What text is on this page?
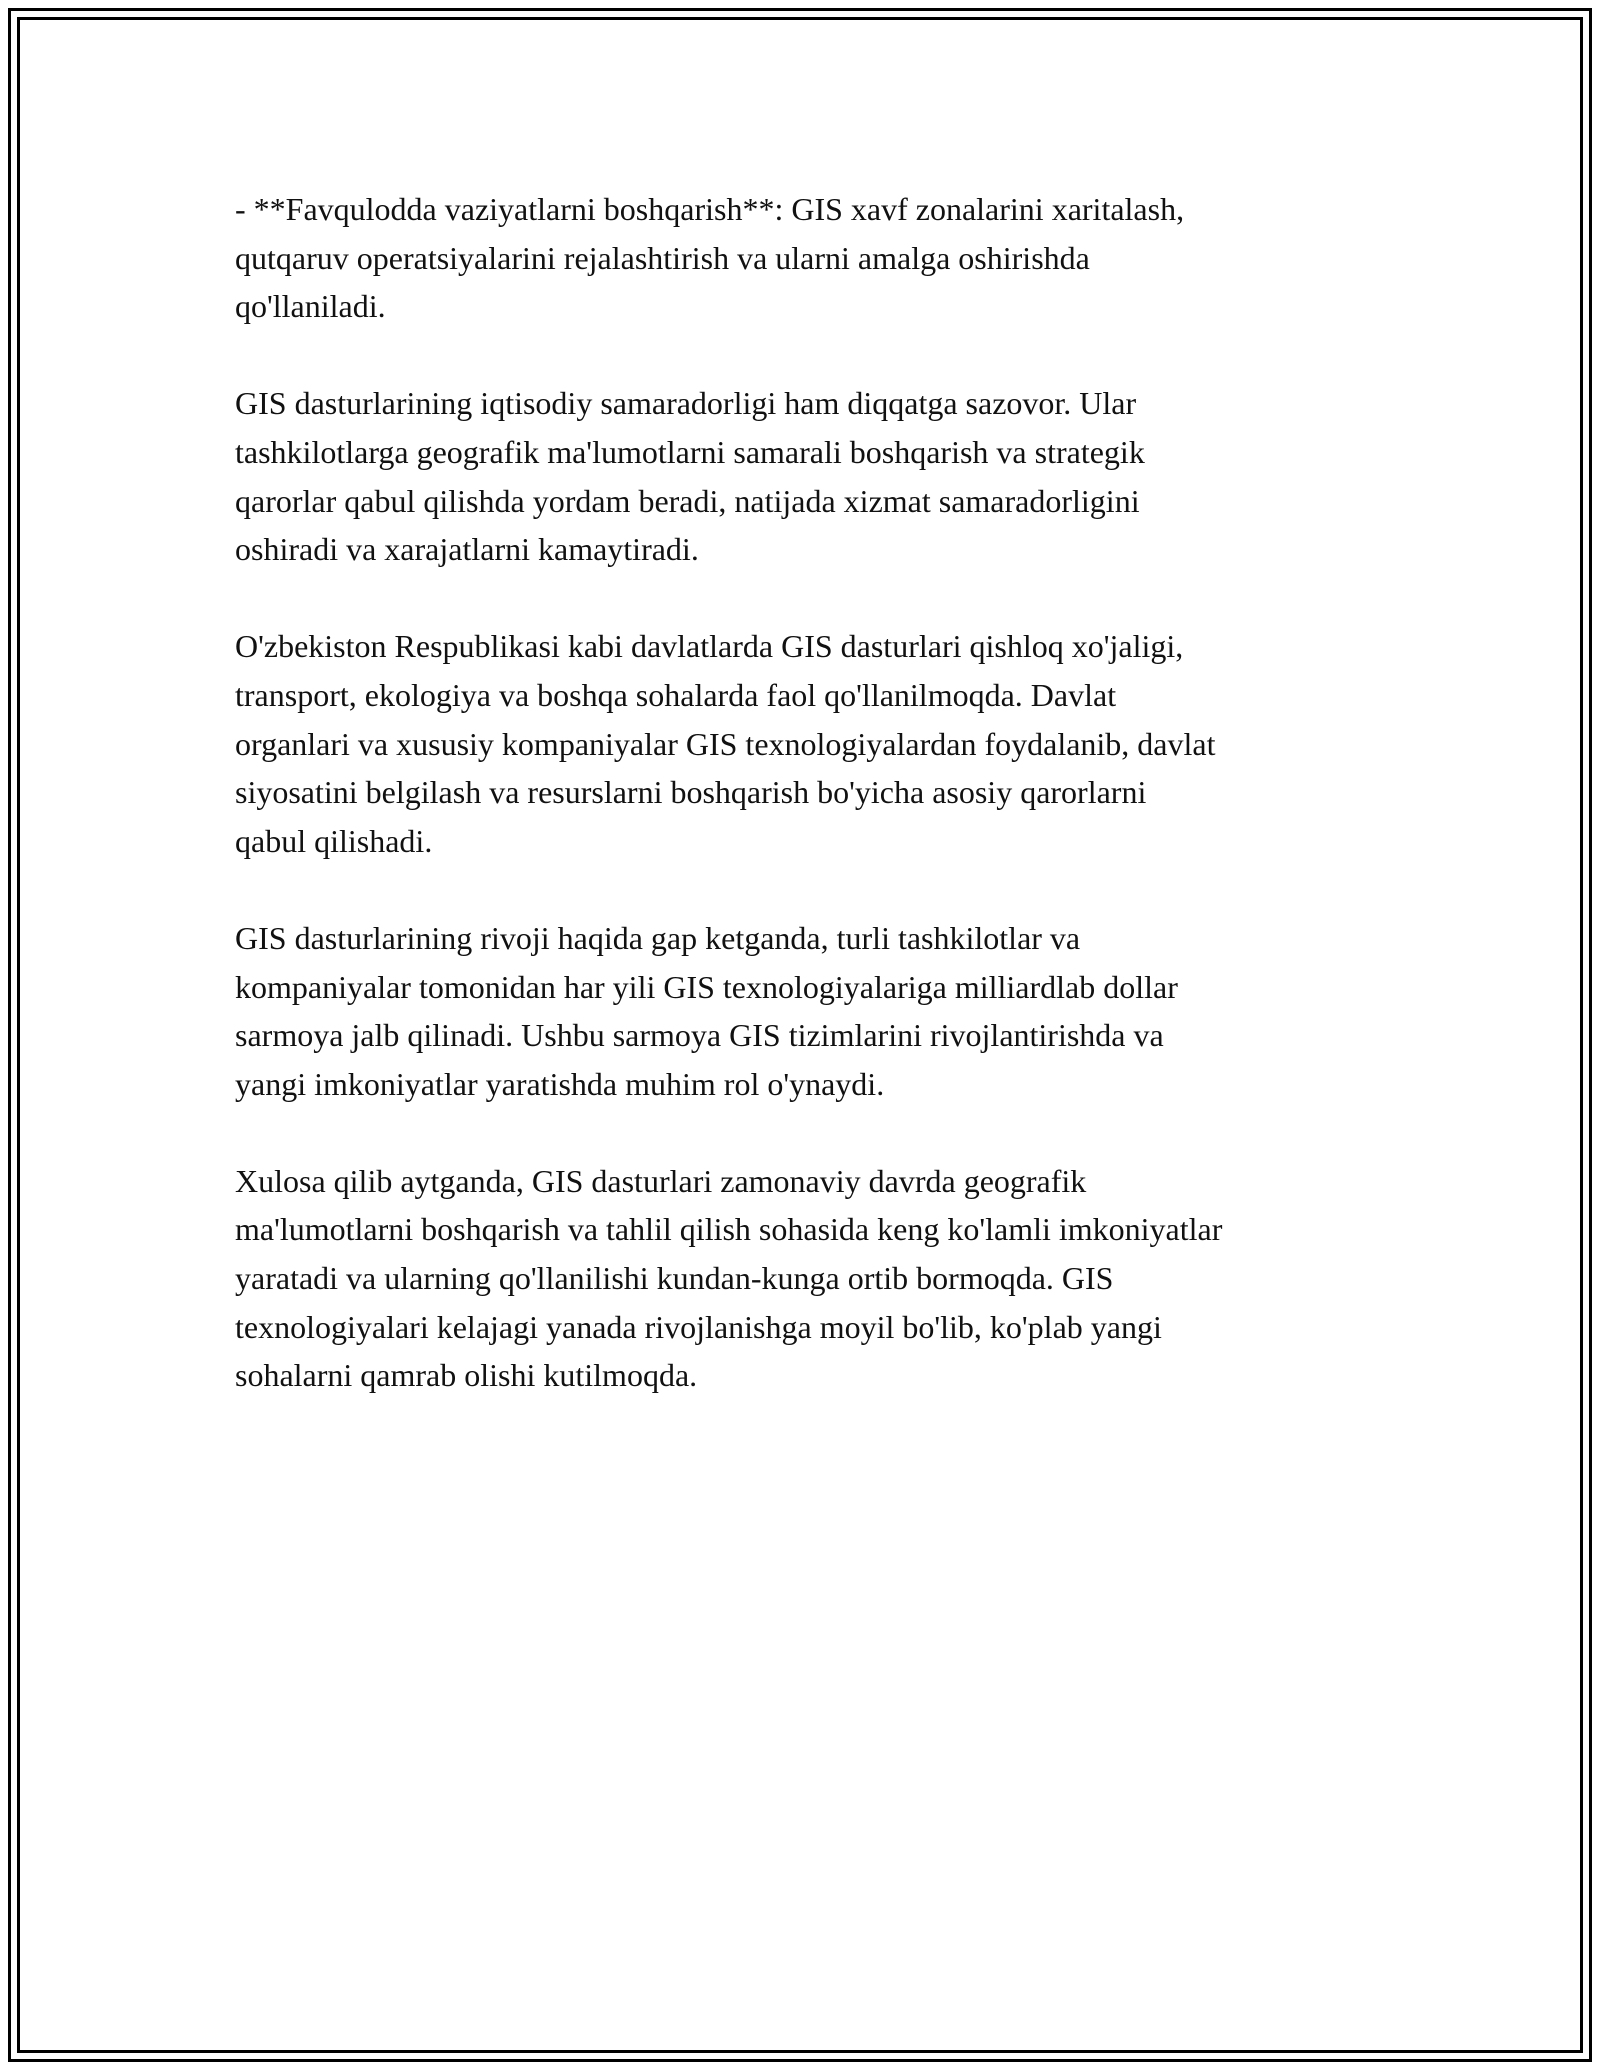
- **Favqulodda vaziyatlarni boshqarish**: GIS xavf zonalarini xaritalash,
qutqaruv operatsiyalarini rejalashtirish va ularni amalga oshirishda
qo'llaniladi.

GIS dasturlarining iqtisodiy samaradorligi ham diqqatga sazovor. Ular
tashkilotlarga geografik ma'lumotlarni samarali boshqarish va strategik
qarorlar qabul qilishda yordam beradi, natijada xizmat samaradorligini
oshiradi va xarajatlarni kamaytiradi.

O'zbekiston Respublikasi kabi davlatlarda GIS dasturlari qishloq xo'jaligi,
transport, ekologiya va boshqa sohalarda faol qo'llanilmoqda. Davlat
organlari va xususiy kompaniyalar GIS texnologiyalardan foydalanib, davlat
siyosatini belgilash va resurslarni boshqarish bo'yicha asosiy qarorlarni
qabul qilishadi.

GIS dasturlarining rivoji haqida gap ketganda, turli tashkilotlar va
kompaniyalar tomonidan har yili GIS texnologiyalariga milliardlab dollar
sarmoya jalb qilinadi. Ushbu sarmoya GIS tizimlarini rivojlantirishda va
yangi imkoniyatlar yaratishda muhim rol o'ynaydi.

Xulosa qilib aytganda, GIS dasturlari zamonaviy davrda geografik
ma'lumotlarni boshqarish va tahlil qilish sohasida keng ko'lamli imkoniyatlar
yaratadi va ularning qo'llanilishi kundan-kunga ortib bormoqda. GIS
texnologiyalari kelajagi yanada rivojlanishga moyil bo'lib, ko'plab yangi
sohalarni qamrab olishi kutilmoqda.
